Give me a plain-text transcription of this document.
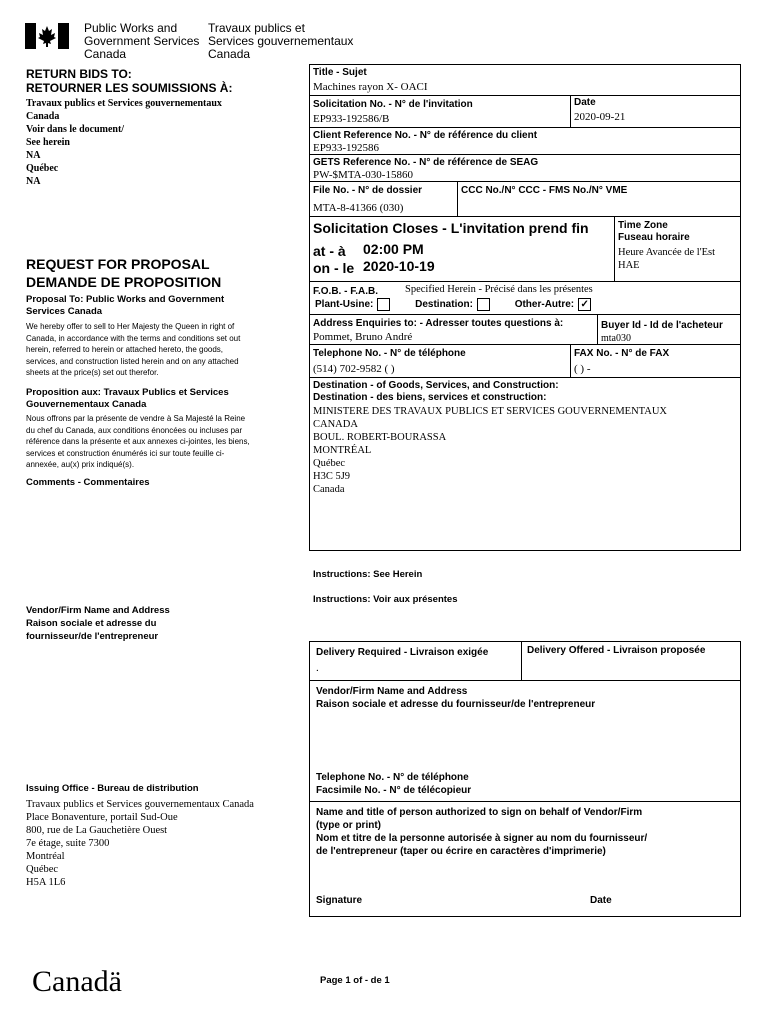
Public Works and
Government Services
Canada
Travaux publics et
Services gouvernementaux
Canada
RETURN BIDS TO:
RETOURNER LES SOUMISSIONS À:
Travaux publics et Services gouvernementaux
Canada
Voir dans le document/
See herein
NA
Québec
NA
REQUEST FOR PROPOSAL
DEMANDE DE PROPOSITION
Proposal To: Public Works and Government Services Canada
We hereby offer to sell to Her Majesty the Queen in right of Canada, in accordance with the terms and conditions set out herein, referred to herein or attached hereto, the goods, services, and construction listed herein and on any attached sheets at the price(s) set out therefor.
Proposition aux: Travaux Publics et Services Gouvernementaux Canada
Nous offrons par la présente de vendre à Sa Majesté la Reine du chef du Canada, aux conditions énoncées ou incluses par référence dans la présente et aux annexes ci-jointes, les biens, services et construction énumérés ici sur toute feuille ci-annexée, au(x) prix indiqué(s).
Comments - Commentaires
Vendor/Firm Name and Address
Raison sociale et adresse du
fournisseur/de l'entrepreneur
Issuing Office - Bureau de distribution
Travaux publics et Services gouvernementaux Canada
Place Bonaventure, portail Sud-Oue
800, rue de La Gauchetière Ouest
7e étage, suite 7300
Montréal
Québec
H5A 1L6
Title - Sujet
Machines rayon X- OACI
Solicitation No. - N° de l'invitation
EP933-192586/B
Date
2020-09-21
Client Reference No. - N° de référence du client
EP933-192586
GETS Reference No. - N° de référence de SEAG
PW-$MTA-030-15860
File No. - N° de dossier
MTA-8-41366 (030)
CCC No./N° CCC - FMS No./N° VME
Solicitation Closes - L'invitation prend fin
at - à 02:00 PM
on - le 2020-10-19
Time Zone
Fuseau horaire
Heure Avancée de l'Est
HAE
F.O.B. - F.A.B.	Specified Herein - Précisé dans les présentes
Plant-Usine:	Destination:	Other-Autre: ✓
Address Enquiries to: - Adresser toutes questions à:
Pommet, Bruno André
Buyer Id - Id de l'acheteur
mta030
Telephone No. - N° de téléphone
(514) 702-9582 ( )
FAX No. - N° de FAX
( ) -
Destination - of Goods, Services, and Construction:
Destination - des biens, services et construction:
MINISTERE DES TRAVAUX PUBLICS ET SERVICES GOUVERNEMENTAUX
CANADA
BOUL. ROBERT-BOURASSA
MONTRÉAL
Québec
H3C 5J9
Canada
Instructions: See Herein
Instructions: Voir aux présentes
Delivery Required - Livraison exigée
.
Delivery Offered - Livraison proposée
Vendor/Firm Name and Address
Raison sociale et adresse du fournisseur/de l'entrepreneur
Telephone No. - N° de téléphone
Facsimile No. - N° de télécopieur
Name and title of person authorized to sign on behalf of Vendor/Firm
(type or print)
Nom et titre de la personne autorisée à signer au nom du fournisseur/
de l'entrepreneur (taper ou écrire en caractères d'imprimerie)
Signature	Date
Page 1 of - de 1
Canadä
